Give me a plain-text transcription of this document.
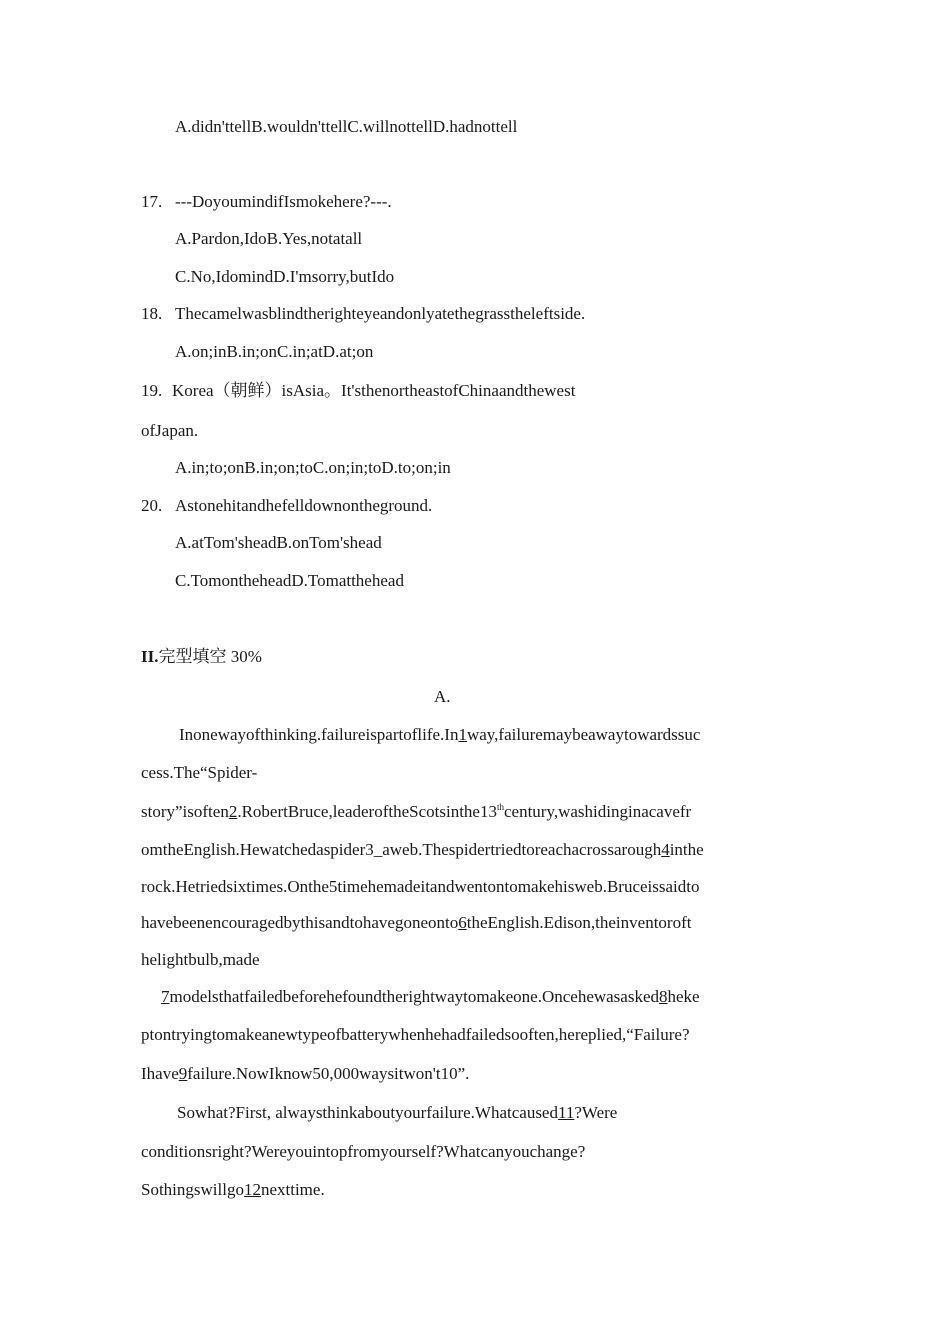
A.didn'ttellB.wouldn'ttellC.willnottellD.hadnottell
17. ---DoyoumindifIsmokehere?---.
A.Pardon,IdoB.Yes,notatall
C.No,IdomindD.I'msorry,butIdo
18. Thecamelwasblindtherighteyeandonlyatethegrasstheleftside.
A.on;inB.in;onC.in;atD.at;on
19. Korea（朝鲜）isAsia。It'sthenortheastofChinaandthewest
ofJapan.
A.in;to;onB.in;on;toC.on;in;toD.to;on;in
20. Astonehitandhefelldownontheground.
A.atTom'sheadB.onTom'shead
C.TomontheheadD.Tomatthehead
II.完型填空 30%
A.
Inonewayofthinking.failureispartoflife.In1way,failuremaybeawaytowardssuc
cess.The“Spider-
story”isoften2.RobertBruce,leaderoftheScotsinthe13thcentury,washidinginacavefr
omtheEnglish.Hewatchedaspider3_aweb.Thespidertriedtoreachacrossarough4inthe
rock.Hetriedsixtimes.Onthe5timehemadeitandwentontomakehisweb.Bruceissaidto
havebeenencouragedbythisandtohavegoneonto6theEnglish.Edison,theinventoroft
helightbulb,made
7modelsthatfailedbeforehefoundtherightwaytomakeone.Oncehewasasked8heke
ptontryingtomakeanewtypeofbatterywhenhehadfailedsooften,hereplied,“Failure?
Ihave9failure.NowIknow50,000waysitwon't10”.
Sowhat?First, alwaysthinkaboutyourfailure.Whatcaused11?Were
conditionsright?Wereyouintopfromyourself?Whatcanyouchange?
Sothingswillgo12nexttime.
